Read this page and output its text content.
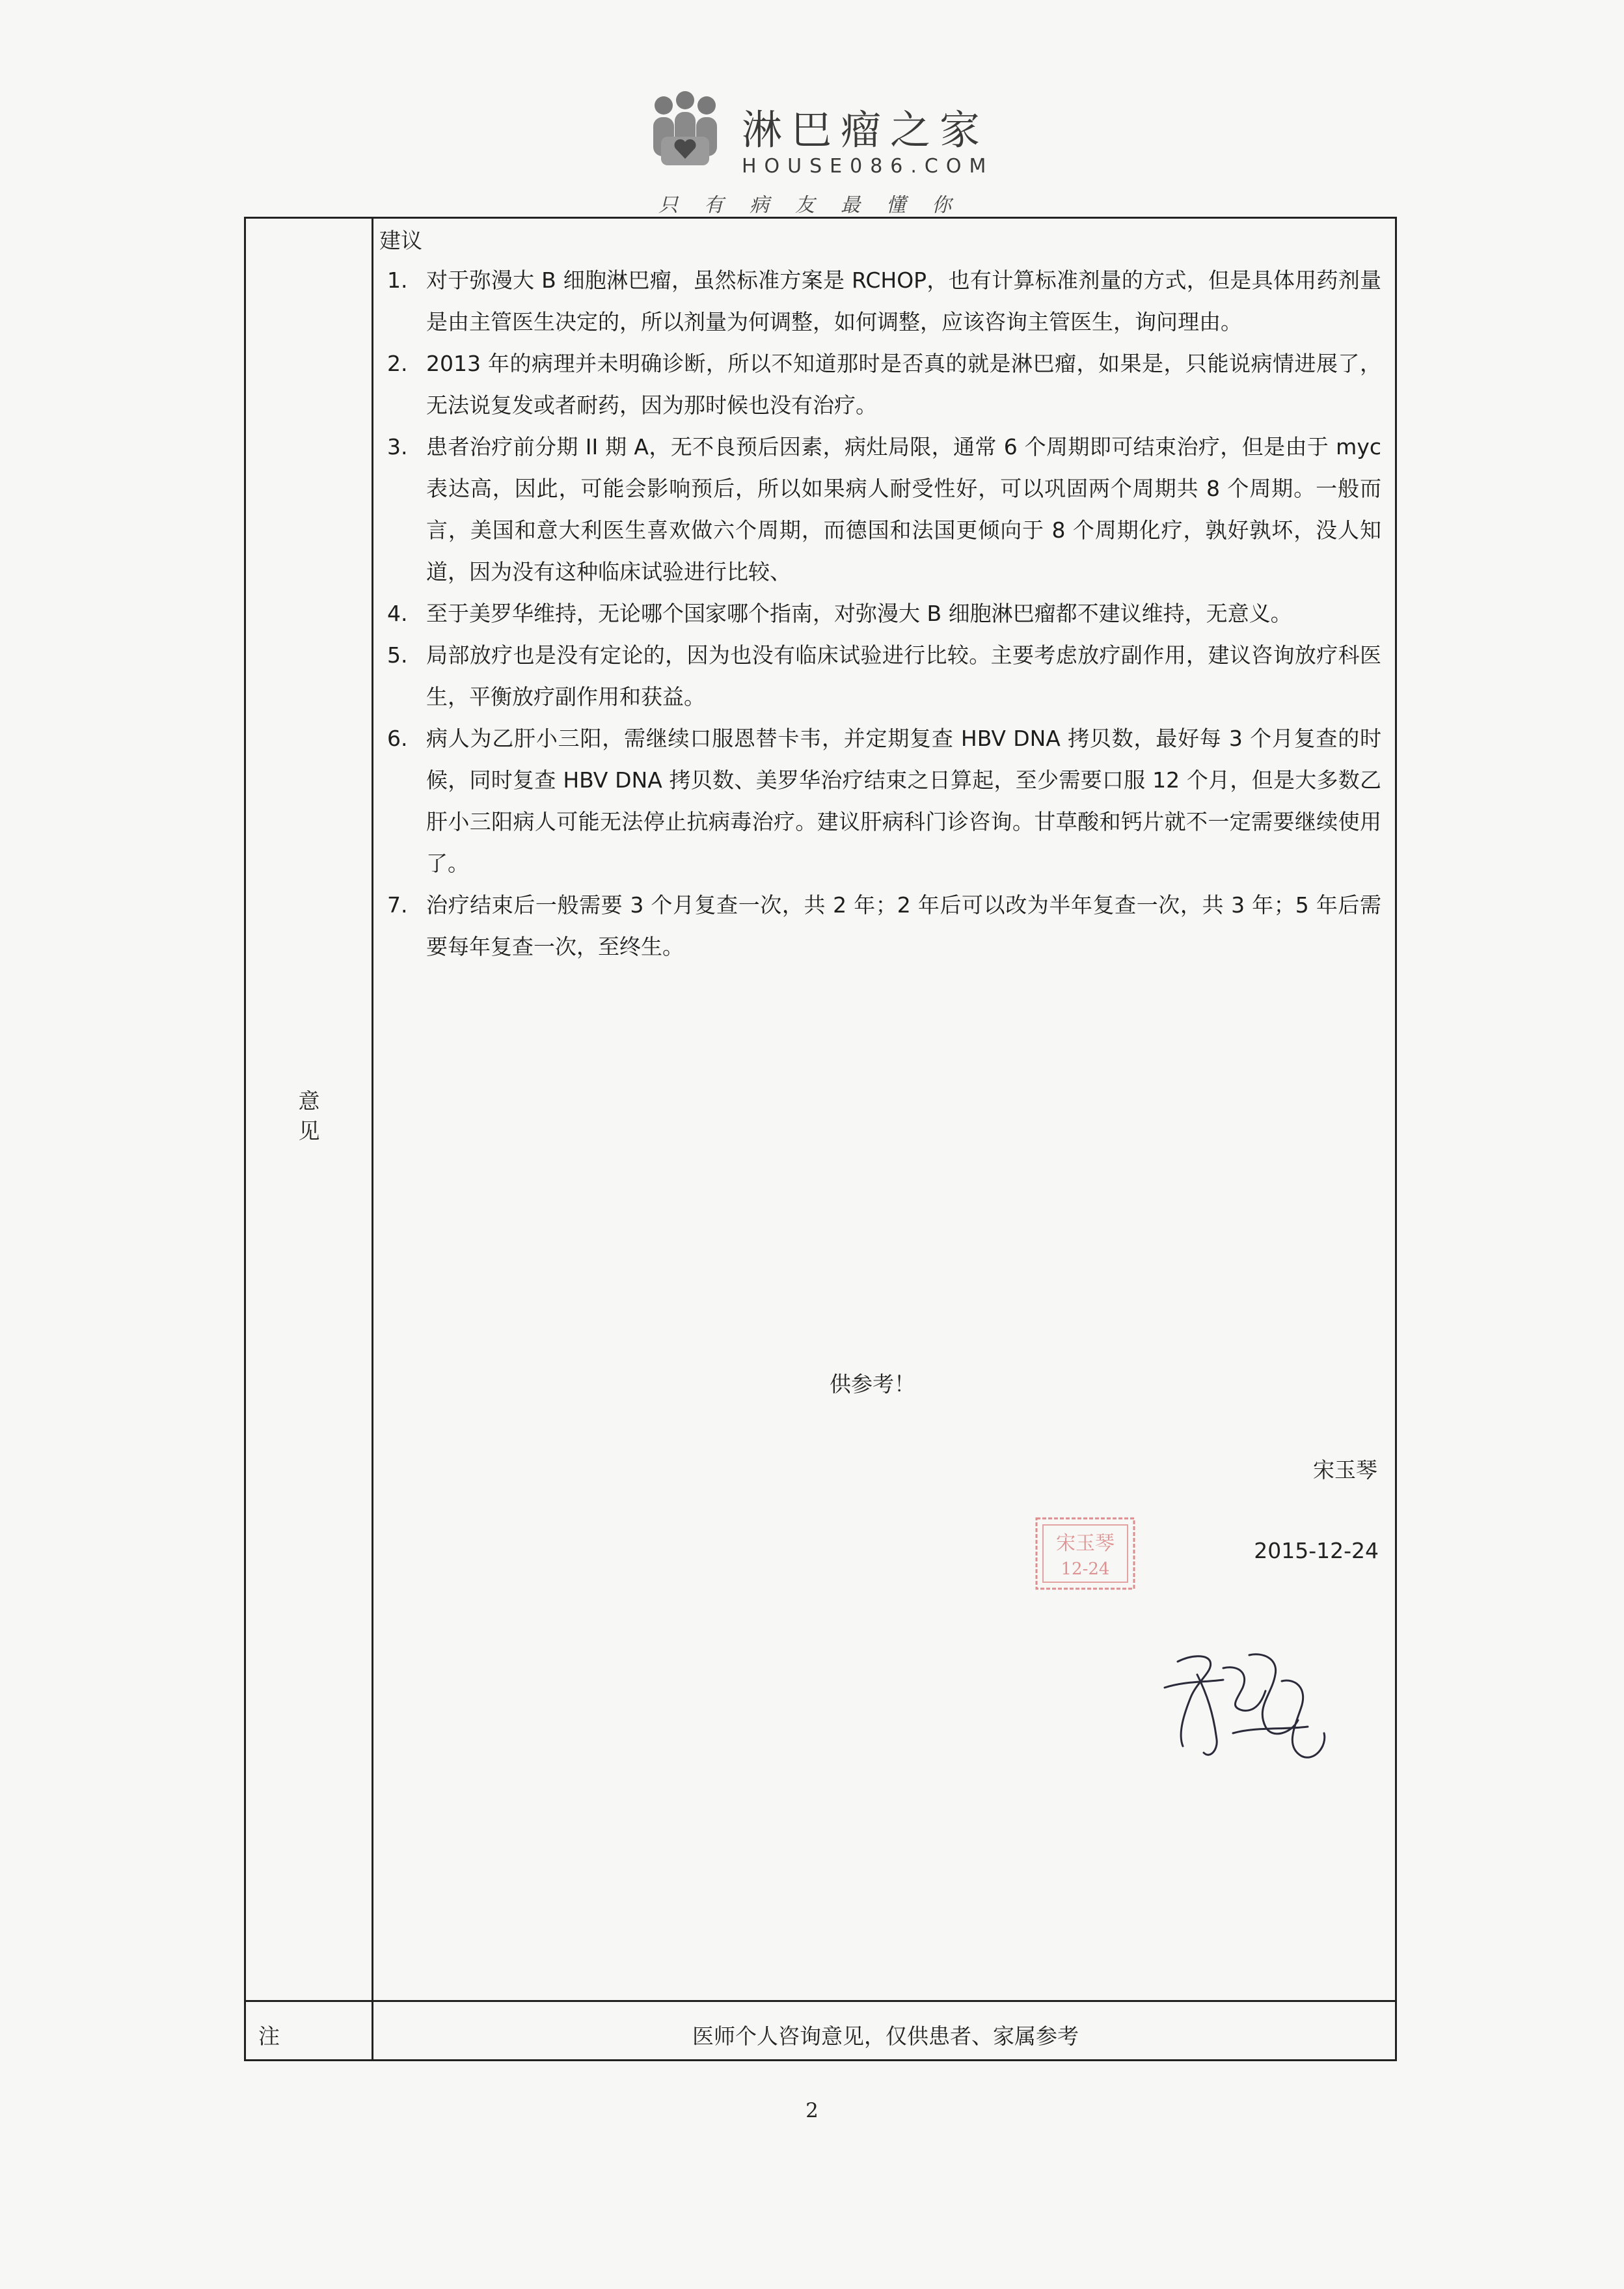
淋巴瘤之家
HOUSE086.COM
只有病友最懂你
意见
建议
1. 对于弥漫大 B 细胞淋巴瘤，虽然标准方案是 RCHOP，也有计算标准剂量的方式，但是具体用药剂量是由主管医生决定的，所以剂量为何调整，如何调整，应该咨询主管医生，询问理由。
2. 2013 年的病理并未明确诊断，所以不知道那时是否真的就是淋巴瘤，如果是，只能说病情进展了，无法说复发或者耐药，因为那时候也没有治疗。
3. 患者治疗前分期 II 期 A，无不良预后因素，病灶局限，通常 6 个周期即可结束治疗，但是由于 myc 表达高，因此，可能会影响预后，所以如果病人耐受性好，可以巩固两个周期共 8 个周期。一般而言，美国和意大利医生喜欢做六个周期，而德国和法国更倾向于 8 个周期化疗，孰好孰坏，没人知道，因为没有这种临床试验进行比较、
4. 至于美罗华维持，无论哪个国家哪个指南，对弥漫大 B 细胞淋巴瘤都不建议维持，无意义。
5. 局部放疗也是没有定论的，因为也没有临床试验进行比较。主要考虑放疗副作用，建议咨询放疗科医生，平衡放疗副作用和获益。
6. 病人为乙肝小三阳，需继续口服恩替卡韦，并定期复查 HBV DNA 拷贝数，最好每 3 个月复查的时候，同时复查 HBV DNA 拷贝数、美罗华治疗结束之日算起，至少需要口服 12 个月，但是大多数乙肝小三阳病人可能无法停止抗病毒治疗。建议肝病科门诊咨询。甘草酸和钙片就不一定需要继续使用了。
7. 治疗结束后一般需要 3 个月复查一次，共 2 年；2 年后可以改为半年复查一次，共 3 年；5 年后需要每年复查一次，至终生。
供参考！
宋玉琴
宋玉琴
12-24
2015-12-24
注	医师个人咨询意见，仅供患者、家属参考
2
